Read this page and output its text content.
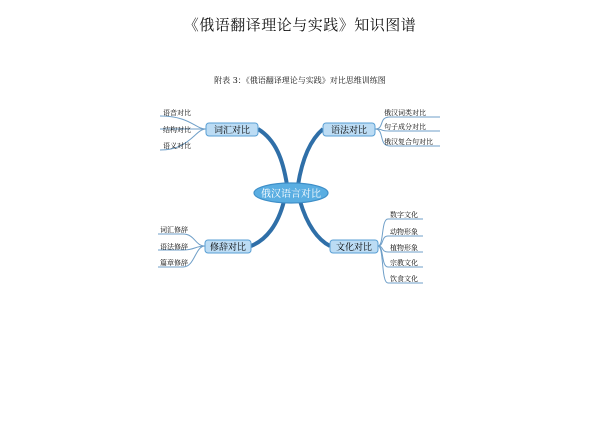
《俄语翻译理论与实践》知识图谱
附表 3：《俄语翻译理论与实践》对比思维训练图
俄汉语言对比
词汇对比
语音对比
结构对比
语义对比
语法对比
俄汉词类对比
句子成分对比
俄汉复合句对比
修辞对比
词汇修辞
语法修辞
篇章修辞
文化对比
数字文化
动物形象
植物形象
宗教文化
饮食文化
